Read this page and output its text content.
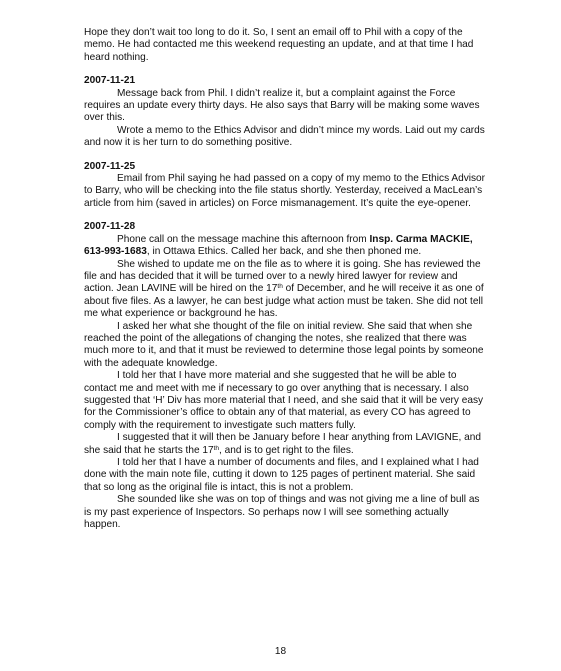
Hope they don’t wait too long to do it. So, I sent an email off to Phil with a copy of the memo. He had contacted me this weekend requesting an update, and at that time I had heard nothing.

2007-11-21

Message back from Phil. I didn’t realize it, but a complaint against the Force requires an update every thirty days. He also says that Barry will be making some waves over this.

Wrote a memo to the Ethics Advisor and didn’t mince my words. Laid out my cards and now it is her turn to do something positive.

2007-11-25

Email from Phil saying he had passed on a copy of my memo to the Ethics Advisor to Barry, who will be checking into the file status shortly. Yesterday, received a MacLean’s article from him (saved in articles) on Force mismanagement. It’s quite the eye-opener.

2007-11-28

Phone call on the message machine this afternoon from Insp. Carma MACKIE, 613-993-1683, in Ottawa Ethics. Called her back, and she then phoned me.

She wished to update me on the file as to where it is going. She has reviewed the file and has decided that it will be turned over to a newly hired lawyer for review and action. Jean LAVINE will be hired on the 17th of December, and he will receive it as one of about five files. As a lawyer, he can best judge what action must be taken. She did not tell me what experience or background he has.

I asked her what she thought of the file on initial review. She said that when she reached the point of the allegations of changing the notes, she realized that there was much more to it, and that it must be reviewed to determine those legal points by someone with the adequate knowledge.

I told her that I have more material and she suggested that he will be able to contact me and meet with me if necessary to go over anything that is necessary. I also suggested that ‘H’ Div has more material that I need, and she said that it will be very easy for the Commissioner’s office to obtain any of that material, as every CO has agreed to comply with the requirement to investigate such matters fully.

I suggested that it will then be January before I hear anything from LAVIGNE, and she said that he starts the 17th, and is to get right to the files.

I told her that I have a number of documents and files, and I explained what I had done with the main note file, cutting it down to 125 pages of pertinent material. She said that so long as the original file is intact, this is not a problem.

She sounded like she was on top of things and was not giving me a line of bull as is my past experience of Inspectors. So perhaps now I will see something actually happen.

18
